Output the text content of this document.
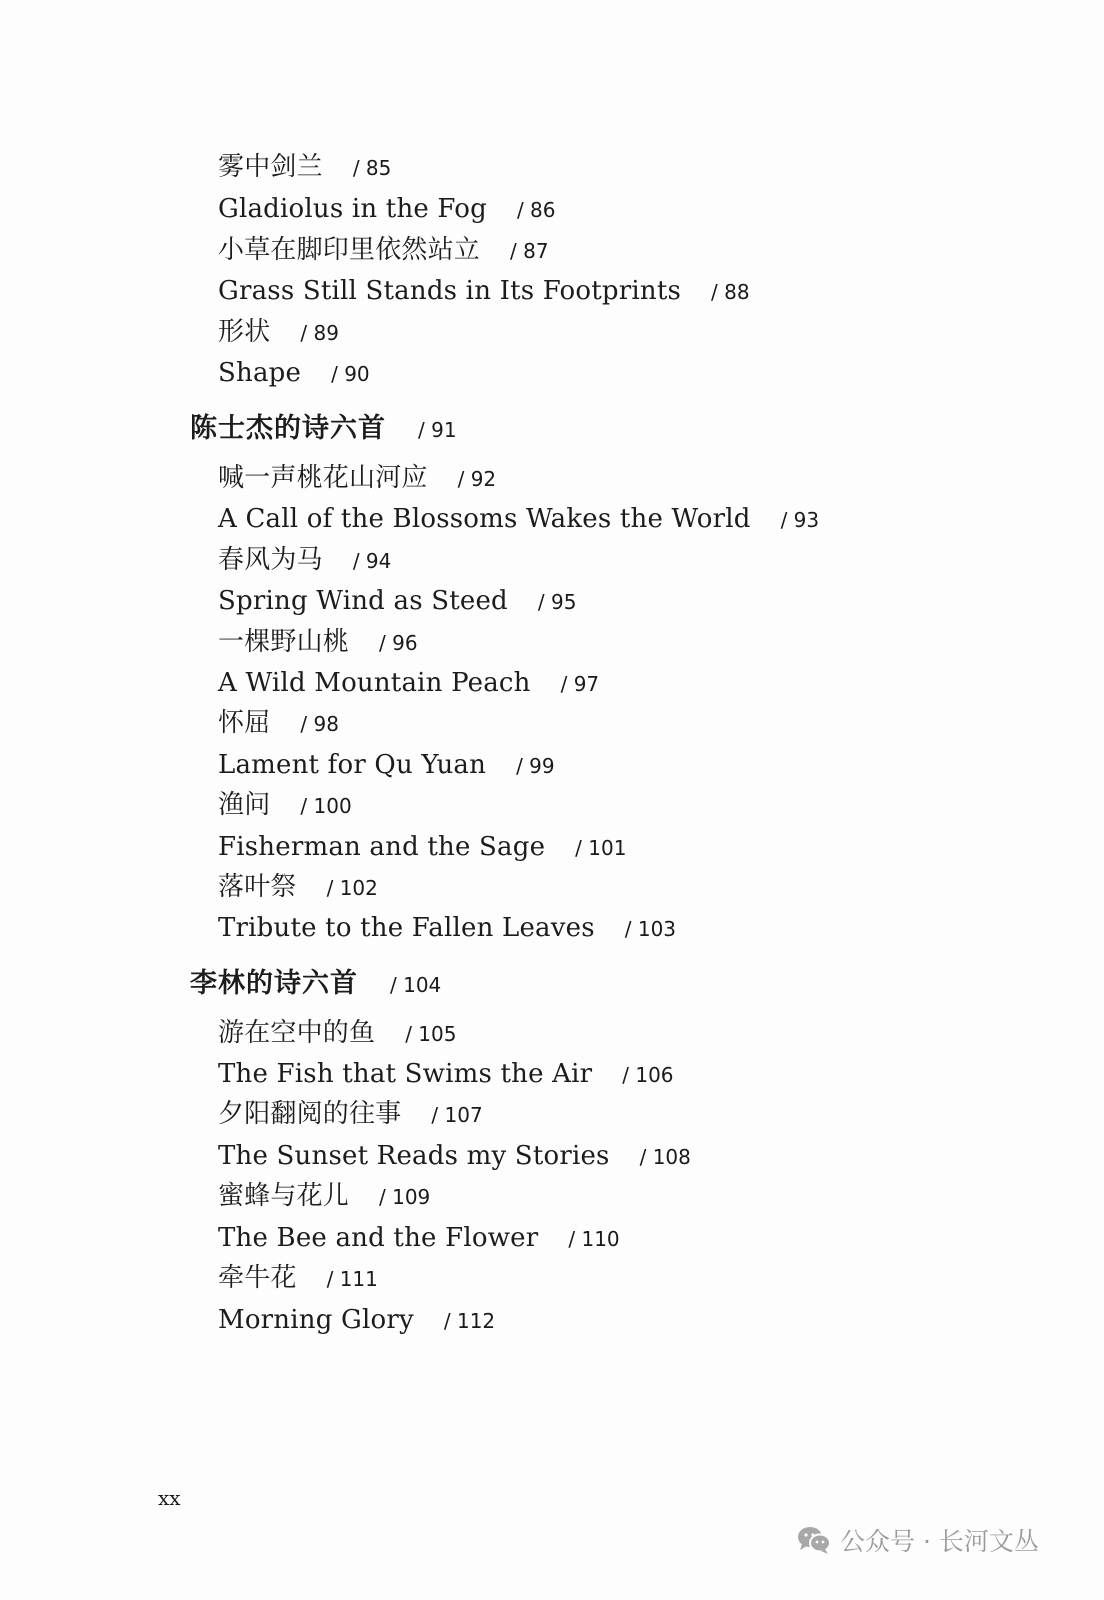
雾中剑兰 / 85
Gladiolus in the Fog / 86
小草在脚印里依然站立 / 87
Grass Still Stands in Its Footprints / 88
形状 / 89
Shape / 90
陈士杰的诗六首 / 91
喊一声桃花山河应 / 92
A Call of the Blossoms Wakes the World / 93
春风为马 / 94
Spring Wind as Steed / 95
一棵野山桃 / 96
A Wild Mountain Peach / 97
怀屈 / 98
Lament for Qu Yuan / 99
渔问 / 100
Fisherman and the Sage / 101
落叶祭 / 102
Tribute to the Fallen Leaves / 103
李林的诗六首 / 104
游在空中的鱼 / 105
The Fish that Swims the Air / 106
夕阳翻阅的往事 / 107
The Sunset Reads my Stories / 108
蜜蜂与花儿 / 109
The Bee and the Flower / 110
牵牛花 / 111
Morning Glory / 112
xx
公众号 · 长河文丛
